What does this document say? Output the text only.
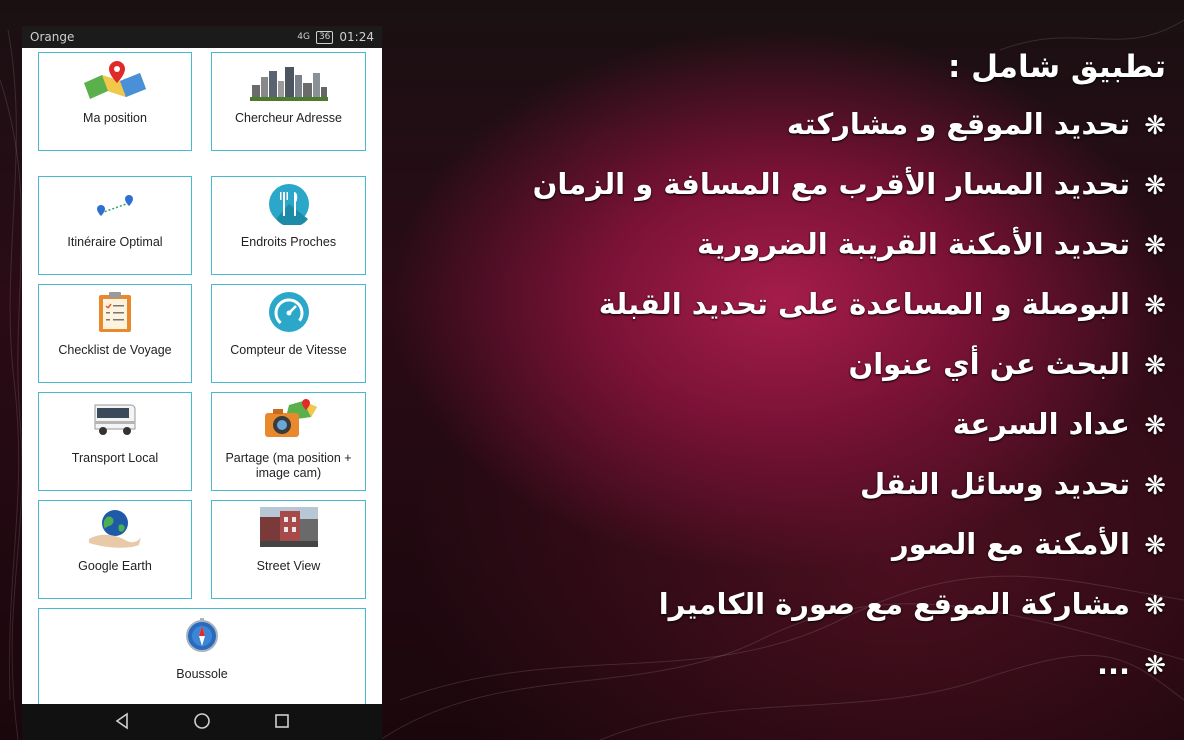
Orange	4G	36 01:24
Ma position	Chercheur Adresse
Itinéraire Optimal	Endroits Proches
Checklist de Voyage	Compteur de Vitesse
Transport Local	Partage (ma position + image cam)
Google Earth	Street View
Boussole
تطبيق شامل :
❋تحديد الموقع و مشاركته
❋تحديد المسار الأقرب مع المسافة و الزمان
❋تحديد الأمكنة القريبة الضرورية
❋البوصلة و المساعدة على تحديد القبلة
❋البحث عن أي عنوان
❋عداد السرعة
❋تحديد وسائل النقل
❋الأمكنة مع الصور
❋مشاركة الموقع مع صورة الكاميرا
❋...
